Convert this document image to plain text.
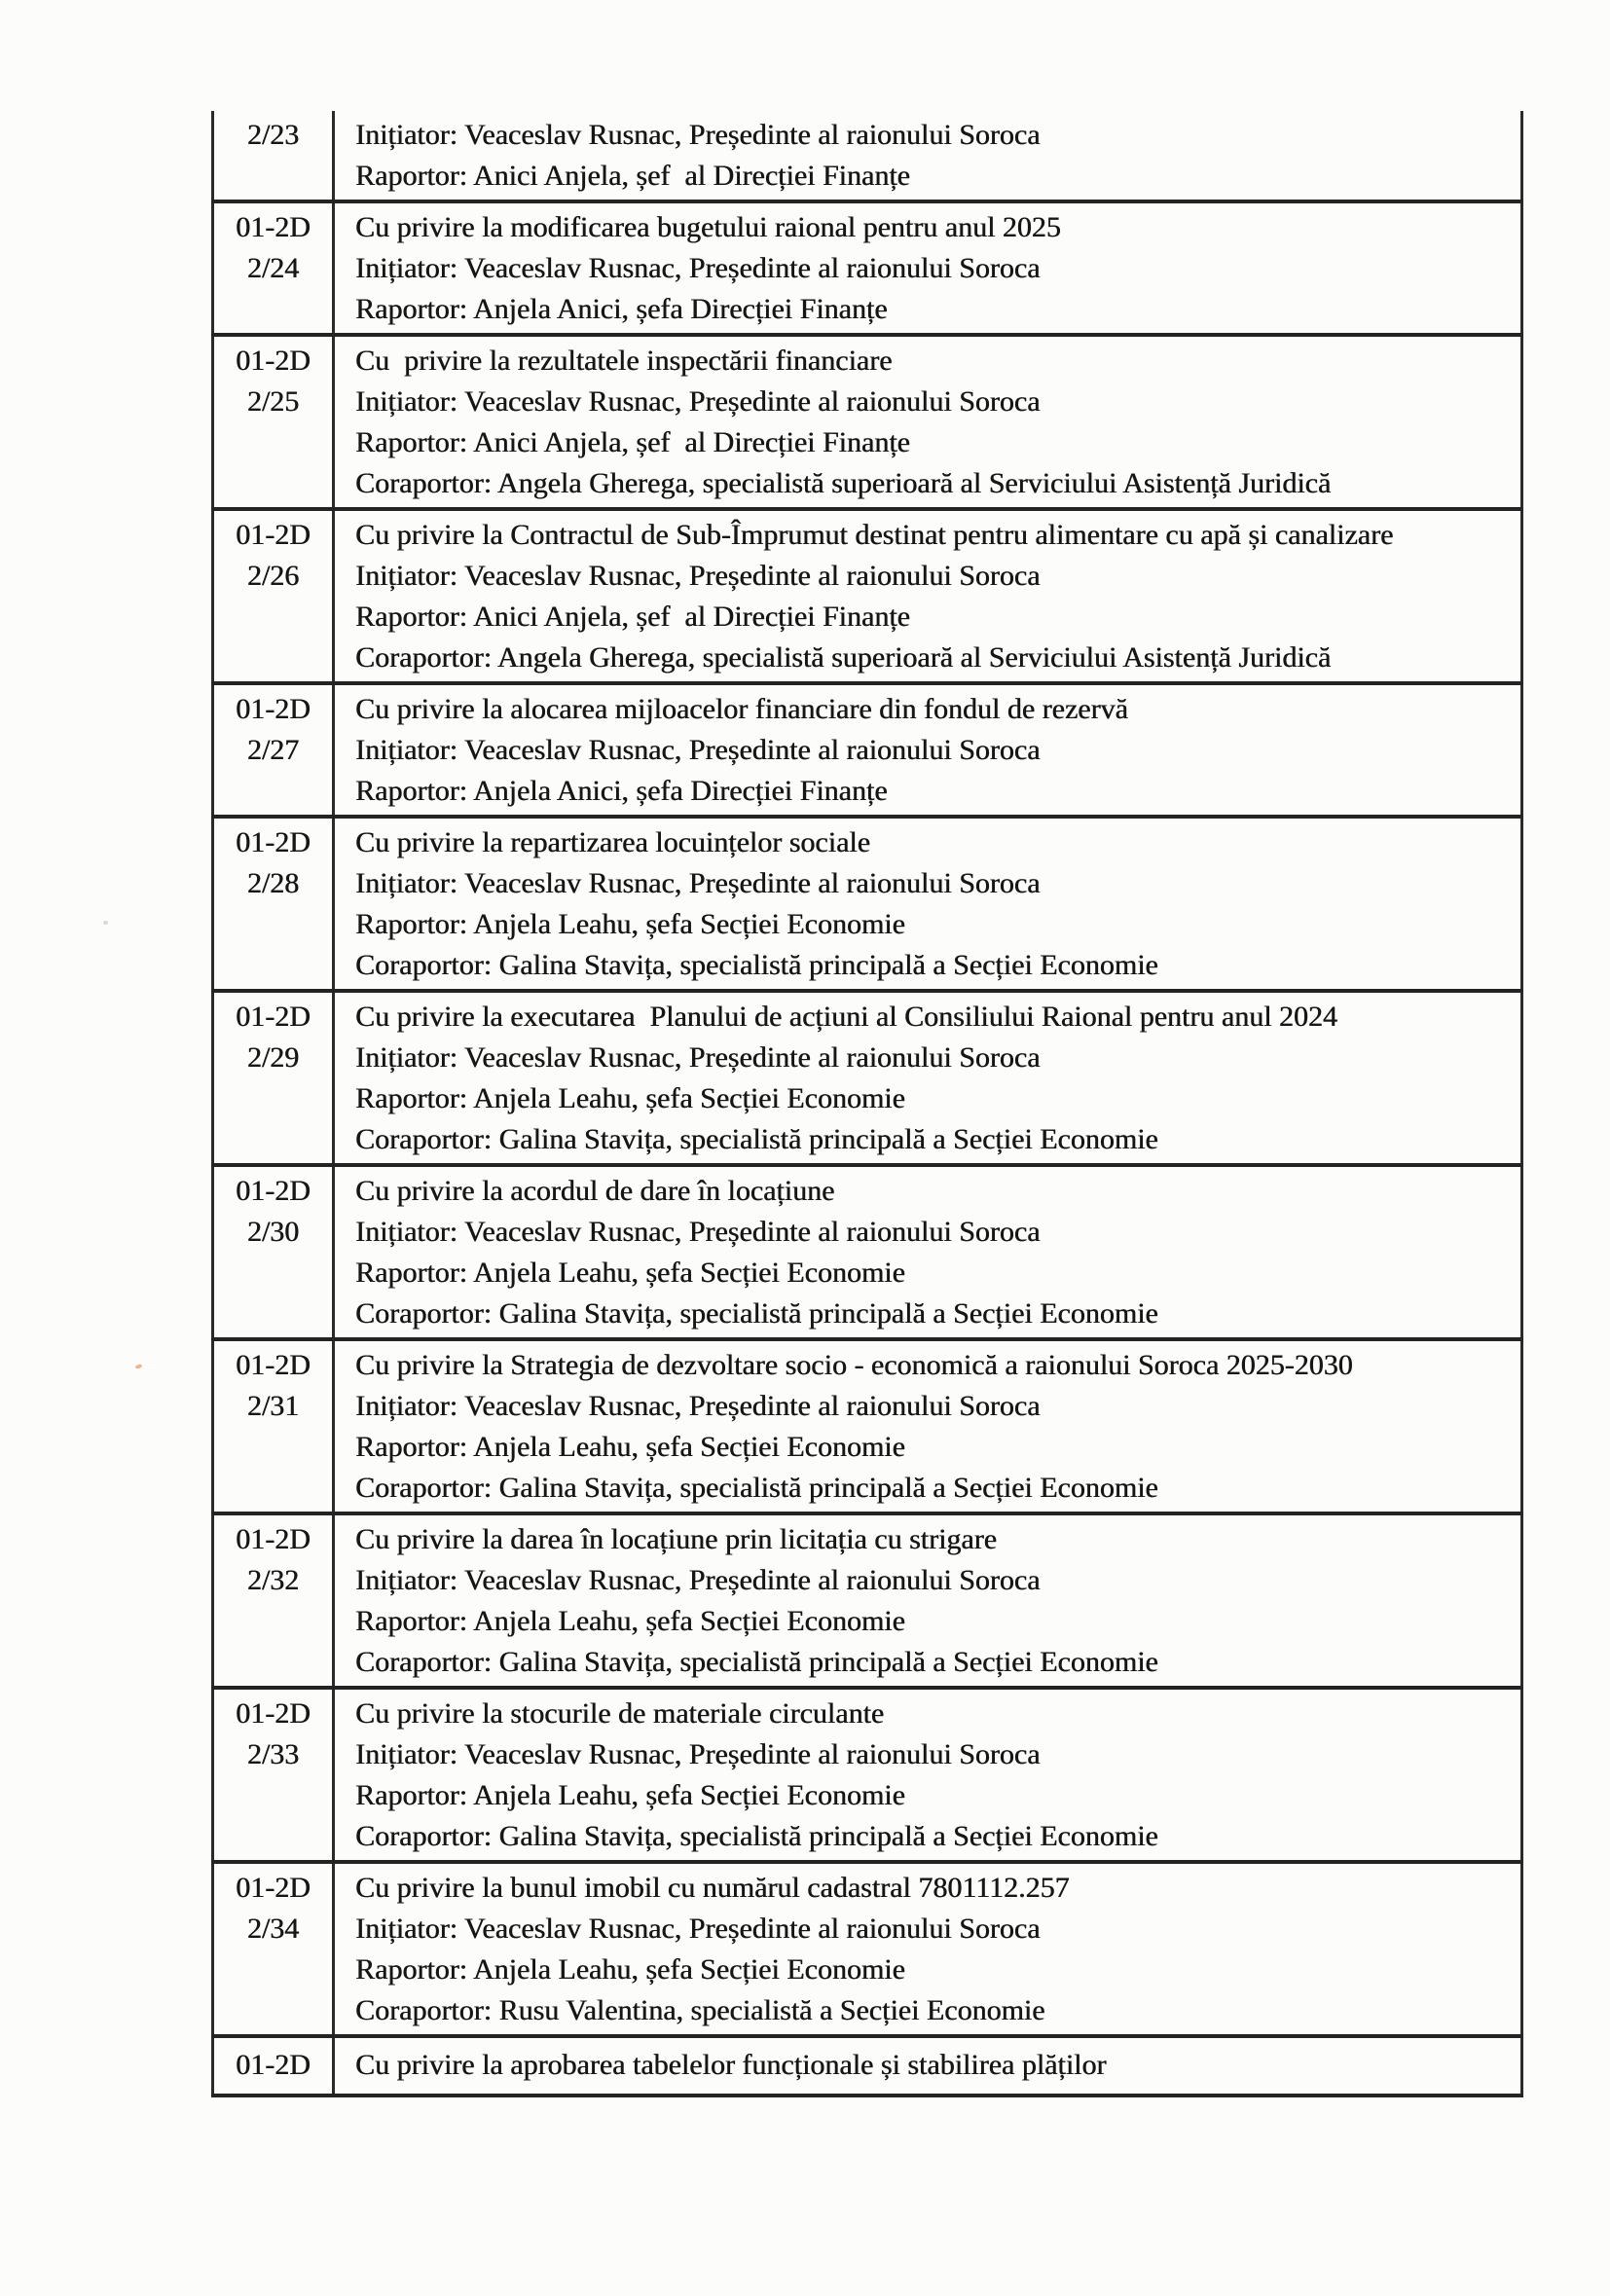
2/23	Inițiator: Veaceslav Rusnac, Președinte al raionului Soroca

Raportor: Anici Anjela, șef  al Direcției Finanțe

01-2D
2/24

Cu privire la modificarea bugetului raional pentru anul 2025

Inițiator: Veaceslav Rusnac, Președinte al raionului Soroca

Raportor: Anjela Anici, șefa Direcției Finanțe

01-2D
2/25

Cu  privire la rezultatele inspectării financiare

Inițiator: Veaceslav Rusnac, Președinte al raionului Soroca

Raportor: Anici Anjela, șef  al Direcției Finanțe

Coraportor: Angela Gherega, specialistă superioară al Serviciului Asistență Juridică

01-2D
2/26

Cu privire la Contractul de Sub-Împrumut destinat pentru alimentare cu apă și canalizare

Inițiator: Veaceslav Rusnac, Președinte al raionului Soroca

Raportor: Anici Anjela, șef  al Direcției Finanțe

Coraportor: Angela Gherega, specialistă superioară al Serviciului Asistență Juridică

01-2D
2/27

Cu privire la alocarea mijloacelor financiare din fondul de rezervă

Inițiator: Veaceslav Rusnac, Președinte al raionului Soroca

Raportor: Anjela Anici, șefa Direcției Finanțe

01-2D
2/28

Cu privire la repartizarea locuințelor sociale

Inițiator: Veaceslav Rusnac, Președinte al raionului Soroca

Raportor: Anjela Leahu, șefa Secției Economie

Coraportor: Galina Stavița, specialistă principală a Secției Economie

01-2D
2/29

Cu privire la executarea  Planului de acțiuni al Consiliului Raional pentru anul 2024

Inițiator: Veaceslav Rusnac, Președinte al raionului Soroca

Raportor: Anjela Leahu, șefa Secției Economie

Coraportor: Galina Stavița, specialistă principală a Secției Economie

01-2D
2/30

Cu privire la acordul de dare în locațiune

Inițiator: Veaceslav Rusnac, Președinte al raionului Soroca

Raportor: Anjela Leahu, șefa Secției Economie

Coraportor: Galina Stavița, specialistă principală a Secției Economie

01-2D
2/31

Cu privire la Strategia de dezvoltare socio - economică a raionului Soroca 2025-2030

Inițiator: Veaceslav Rusnac, Președinte al raionului Soroca

Raportor: Anjela Leahu, șefa Secției Economie

Coraportor: Galina Stavița, specialistă principală a Secției Economie

01-2D
2/32

Cu privire la darea în locațiune prin licitația cu strigare

Inițiator: Veaceslav Rusnac, Președinte al raionului Soroca

Raportor: Anjela Leahu, șefa Secției Economie

Coraportor: Galina Stavița, specialistă principală a Secției Economie

01-2D
2/33

Cu privire la stocurile de materiale circulante

Inițiator: Veaceslav Rusnac, Președinte al raionului Soroca

Raportor: Anjela Leahu, șefa Secției Economie

Coraportor: Galina Stavița, specialistă principală a Secției Economie

01-2D
2/34

Cu privire la bunul imobil cu numărul cadastral 7801112.257

Inițiator: Veaceslav Rusnac, Președinte al raionului Soroca

Raportor: Anjela Leahu, șefa Secției Economie

Coraportor: Rusu Valentina, specialistă a Secției Economie

01-2D	Cu privire la aprobarea tabelelor funcționale și stabilirea plăților
